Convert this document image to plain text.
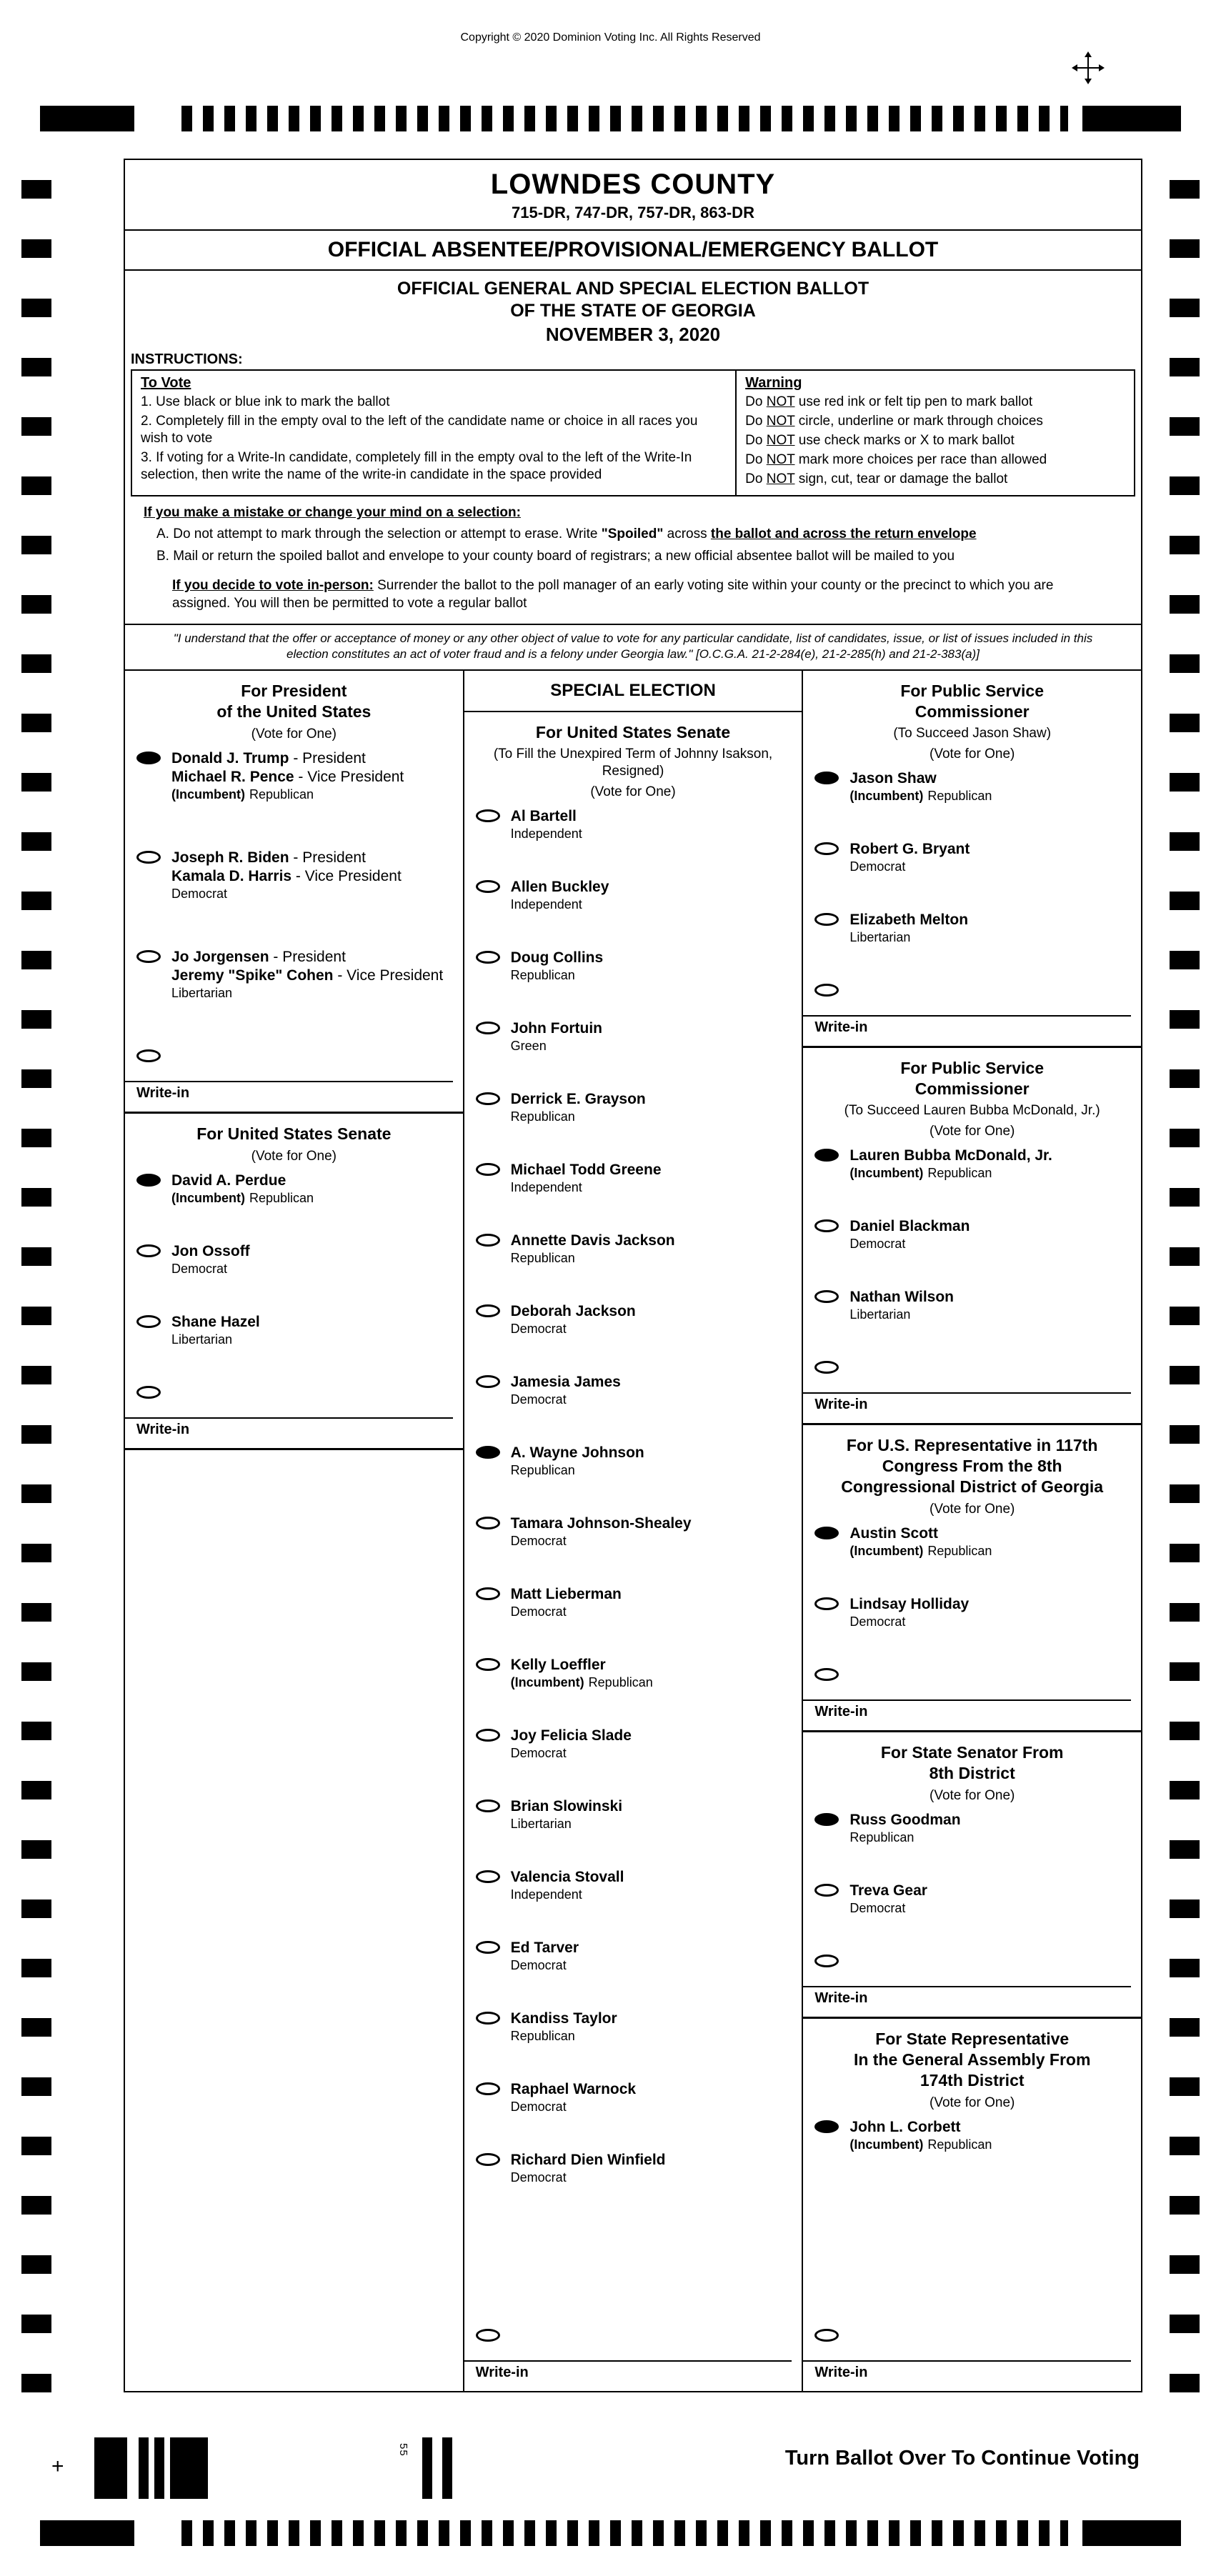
Copyright © 2020 Dominion Voting Inc. All Rights Reserved
LOWNDES COUNTY
715-DR, 747-DR, 757-DR, 863-DR
OFFICIAL ABSENTEE/PROVISIONAL/EMERGENCY BALLOT
OFFICIAL GENERAL AND SPECIAL ELECTION BALLOT
OF THE STATE OF GEORGIA
NOVEMBER 3, 2020
INSTRUCTIONS:
To Vote
1. Use black or blue ink to mark the ballot
2. Completely fill in the empty oval to the left of the candidate name or choice in all races you wish to vote
3. If voting for a Write-In candidate, completely fill in the empty oval to the left of the Write-In selection, then write the name of the write-in candidate in the space provided
Warning
Do NOT use red ink or felt tip pen to mark ballot
Do NOT circle, underline or mark through choices
Do NOT use check marks or X to mark ballot
Do NOT mark more choices per race than allowed
Do NOT sign, cut, tear or damage the ballot
If you make a mistake or change your mind on a selection:
A. Do not attempt to mark through the selection or attempt to erase. Write "Spoiled" across the ballot and across the return envelope
B. Mail or return the spoiled ballot and envelope to your county board of registrars; a new official absentee ballot will be mailed to you
If you decide to vote in-person: Surrender the ballot to the poll manager of an early voting site within your county or the precinct to which you are assigned. You will then be permitted to vote a regular ballot
"I understand that the offer or acceptance of money or any other object of value to vote for any particular candidate, list of candidates, issue, or list of issues included in this election constitutes an act of voter fraud and is a felony under Georgia law." [O.C.G.A. 21-2-284(e), 21-2-285(h) and 21-2-383(a)]
For President
of the United States
(Vote for One)
Donald J. Trump - President
Michael R. Pence - Vice President
(Incumbent) Republican
Joseph R. Biden - President
Kamala D. Harris - Vice President
Democrat
Jo Jorgensen - President
Jeremy "Spike" Cohen - Vice President
Libertarian
Write-in
For United States Senate
(Vote for One)
David A. Perdue
(Incumbent) Republican
Jon Ossoff
Democrat
Shane Hazel
Libertarian
Write-in
SPECIAL ELECTION
For United States Senate
(To Fill the Unexpired Term of Johnny Isakson, Resigned)
(Vote for One)
Al Bartell
Independent
Allen Buckley
Independent
Doug Collins
Republican
John Fortuin
Green
Derrick E. Grayson
Republican
Michael Todd Greene
Independent
Annette Davis Jackson
Republican
Deborah Jackson
Democrat
Jamesia James
Democrat
A. Wayne Johnson
Republican
Tamara Johnson-Shealey
Democrat
Matt Lieberman
Democrat
Kelly Loeffler
(Incumbent) Republican
Joy Felicia Slade
Democrat
Brian Slowinski
Libertarian
Valencia Stovall
Independent
Ed Tarver
Democrat
Kandiss Taylor
Republican
Raphael Warnock
Democrat
Richard Dien Winfield
Democrat
Write-in
For Public Service
Commissioner
(To Succeed Jason Shaw)
(Vote for One)
Jason Shaw
(Incumbent) Republican
Robert G. Bryant
Democrat
Elizabeth Melton
Libertarian
Write-in
For Public Service
Commissioner
(To Succeed Lauren Bubba McDonald, Jr.)
(Vote for One)
Lauren Bubba McDonald, Jr.
(Incumbent) Republican
Daniel Blackman
Democrat
Nathan Wilson
Libertarian
Write-in
For U.S. Representative in 117th
Congress From the 8th
Congressional District of Georgia
(Vote for One)
Austin Scott
(Incumbent) Republican
Lindsay Holliday
Democrat
Write-in
For State Senator From
8th District
(Vote for One)
Russ Goodman
Republican
Treva Gear
Democrat
Write-in
For State Representative
In the General Assembly From
174th District
(Vote for One)
John L. Corbett
(Incumbent) Republican
Write-in
55
+	Turn Ballot Over To Continue Voting
